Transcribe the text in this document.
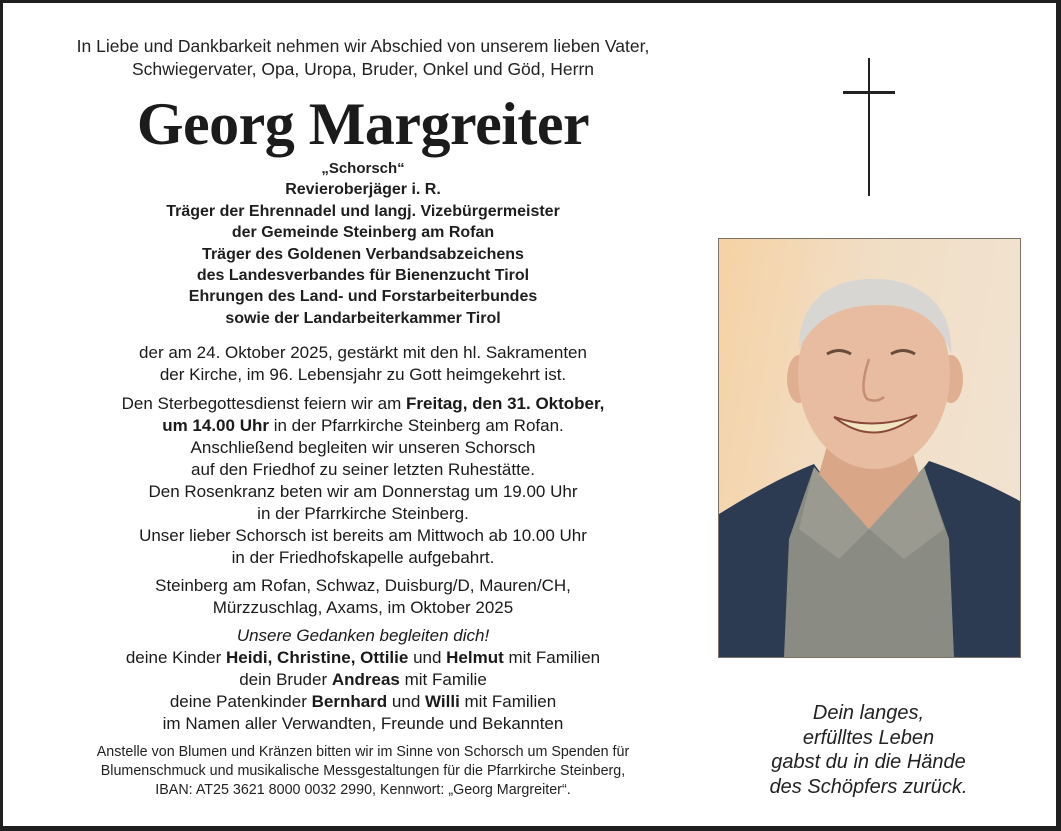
In Liebe und Dankbarkeit nehmen wir Abschied von unserem lieben Vater,
Schwiegervater, Opa, Uropa, Bruder, Onkel und Göd, Herrn
Georg Margreiter
„Schorsch“
Revieroberjäger i. R.
Träger der Ehrennadel und langj. Vizebürgermeister
der Gemeinde Steinberg am Rofan
Träger des Goldenen Verbandsabzeichens
des Landesverbandes für Bienenzucht Tirol
Ehrungen des Land- und Forstarbeiterbundes
sowie der Landarbeiterkammer Tirol
der am 24. Oktober 2025, gestärkt mit den hl. Sakramenten
der Kirche, im 96. Lebensjahr zu Gott heimgekehrt ist.
Den Sterbegottesdienst feiern wir am Freitag, den 31. Oktober,
um 14.00 Uhr in der Pfarrkirche Steinberg am Rofan.
Anschließend begleiten wir unseren Schorsch
auf den Friedhof zu seiner letzten Ruhestätte.
Den Rosenkranz beten wir am Donnerstag um 19.00 Uhr
in der Pfarrkirche Steinberg.
Unser lieber Schorsch ist bereits am Mittwoch ab 10.00 Uhr
in der Friedhofskapelle aufgebahrt.
Steinberg am Rofan, Schwaz, Duisburg/D, Mauren/CH,
Mürzzuschlag, Axams, im Oktober 2025
Unsere Gedanken begleiten dich!
deine Kinder Heidi, Christine, Ottilie und Helmut mit Familien
dein Bruder Andreas mit Familie
deine Patenkinder Bernhard und Willi mit Familien
im Namen aller Verwandten, Freunde und Bekannten
Anstelle von Blumen und Kränzen bitten wir im Sinne von Schorsch um Spenden für
Blumenschmuck und musikalische Messgestaltungen für die Pfarrkirche Steinberg,
IBAN: AT25 3621 8000 0032 2990, Kennwort: „Georg Margreiter“.
Dein langes,
erfülltes Leben
gabst du in die Hände
des Schöpfers zurück.
